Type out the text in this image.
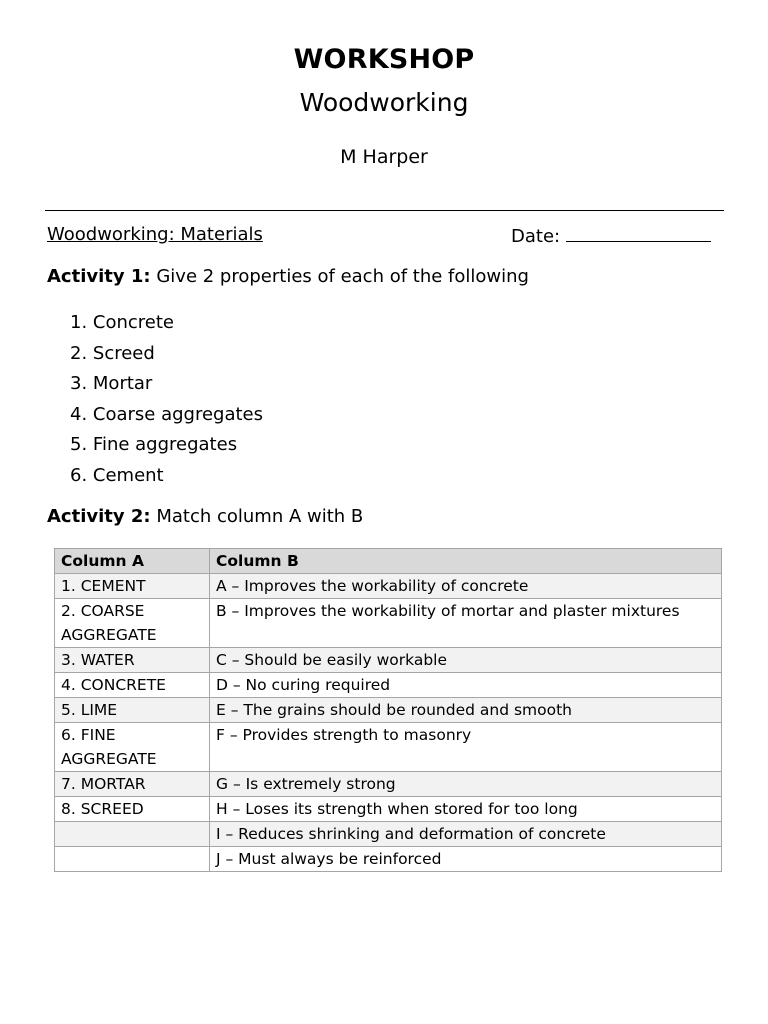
WORKSHOP
Woodworking
M Harper
Woodworking: Materials	Date:
Activity 1: Give 2 properties of each of the following
1. Concrete
2. Screed
3. Mortar
4. Coarse aggregates
5. Fine aggregates
6. Cement
Activity 2: Match column A with B
Column A	Column B
1. CEMENT	A – Improves the workability of concrete
2. COARSE AGGREGATE	B – Improves the workability of mortar and plaster mixtures
3. WATER	C – Should be easily workable
4. CONCRETE	D – No curing required
5. LIME	E – The grains should be rounded and smooth
6. FINE AGGREGATE	F – Provides strength to masonry
7. MORTAR	G – Is extremely strong
8. SCREED	H – Loses its strength when stored for too long
	I – Reduces shrinking and deformation of concrete
	J – Must always be reinforced
